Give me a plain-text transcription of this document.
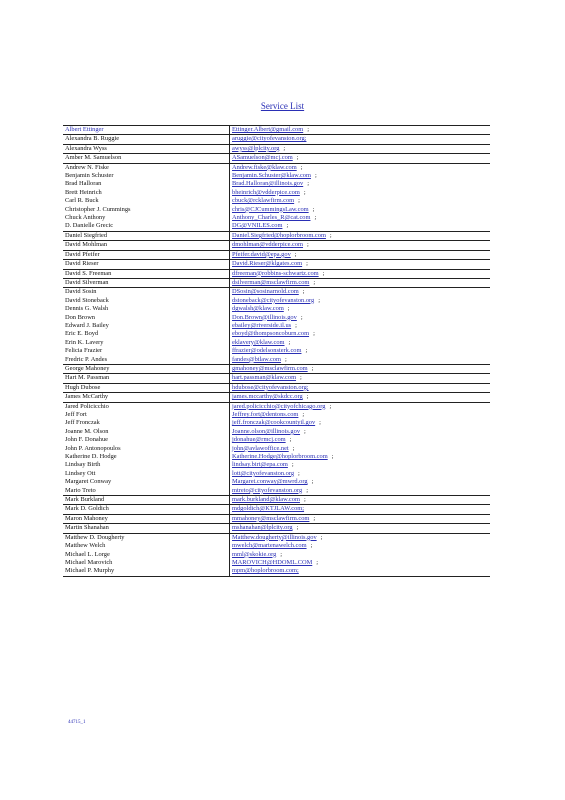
Service List
Albert Ettinger	Ettinger.Albert@gmail.com ;
Alexandra B. Ruggie	aruggie@cityofevanston.org;
Alexandra Wyss	awyss@lplcity.org ;
Amber M. Samuelson	ASamuelson@mcj.com ;
Andrew N. Fiske	Andrew.fiske@klaw.com ;
Benjamin Schuster	Benjamin.Schuster@klaw.com ;
Brad Halloran	Brad.Halloran@illinois.gov ;
Brett Heinrich	bheinrich@vdderpice.com ;
Carl R. Buck	cbuck@rcklawfirm.com ;
Christopher J. Cummings	chris@CJCummingsLaw.com ;
Chuck Anthony	Anthony_Charles_R@cat.com ;
D. Danielle Grecic	DG@VNILES.com ;
Daniel Siegfried	Daniel.Siegfried@hoplorbroom.com ;
David Mohlman	dmohlman@vdderpice.com ;
David Pfeifer	Pfeifer.david@epa.gov ;
David Rieser	David.Rieser@klgates.com ;
David S. Freeman	dfreeman@robbins-schwartz.com ;
David Silverman	dsilverman@msclawfirm.com ;
David Sosin	DSosin@sosinarnold.com ;
David Stoneback	dstoneback@cityofevanston.org ;
Dennis G. Walsh	dgwalsh@klaw.com ;
Don Brown	Don.Brown@illinois.gov ;
Edward J. Bailey	ebailey@riverside.il.us ;
Eric E. Boyd	eboyd@thompsoncoburn.com ;
Erin K. Lavery	eklavery@klaw.com ;
Felicia Frazier	ffrazier@odelsonsterk.com ;
Fredric P. Andes	fandes@btlaw.com ;
George Mahoney	gmahoney@msclawfirm.com ;
Hart M. Passman	hart.passman@klaw.com ;
Hugh Dubose	hdubose@cityofevanston.org;
James McCarthy	james.mccarthy@skdcc.org ;
Jared Policicchio	jared.policicchio@cityofchicago.org ;
Jeff Fort	Jeffrey.fort@dentons.com ;
Jeff Fronczak	jeff.fronczak@cookcountyil.gov ;
Joanne M. Olson	Joanne.olson@illinois.gov ;
John F. Donahue	jdonahue@rmcj.com ;
John P. Antonopoulos	john@avlawoffice.net ;
Katherine D. Hodge	Katherine.Hodge@hoplorbroom.com ;
Lindsay Birth	lindsay.birt@epa.com ;
Lindsey Ott	lott@cityofevanston.org ;
Margaret Conway	Margaret.conway@mwrd.org ;
Mario Treto	mtreto@cityofevanston.org ;
Mark Burkland	mark.burkland@klaw.com ;
Mark D. Goldich	mdgoldich@KTJLAW.com;
Maron Mahoney	mmahoney@msclawfirm.com ;
Martin Shanahan	mshanahan@lplcity.org ;
Matthew D. Dougherty	Matthew.dougherty@illinois.gov ;
Matthew Welch	mwelch@martenawelch.com ;
Michael L. Lorge	mml@skokie.org ;
Michael Marovich	MAROVICH@HDOML.COM ;
Michael P. Murphy	mpm@hoplorbroom.com;
44715_1
